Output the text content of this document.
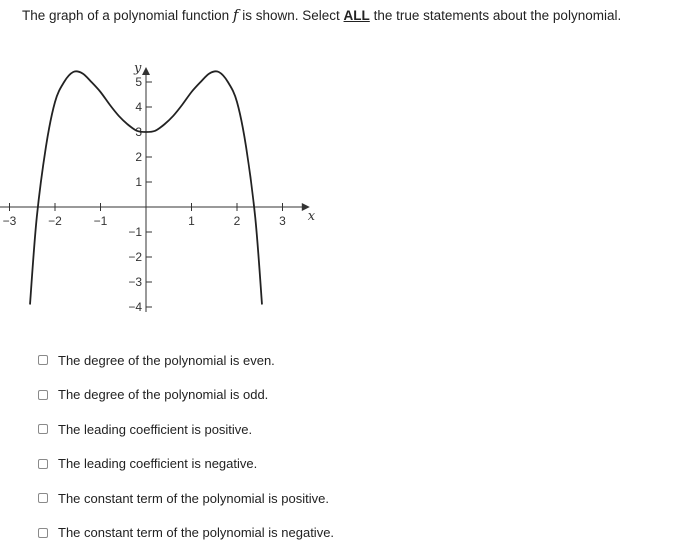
The graph of a polynomial function f is shown. Select ALL the true statements about the polynomial.
−3	−2	−1	1	2	3
−4
−3
−2
−1
1
2
3
4
5
x
y
The degree of the polynomial is even.
The degree of the polynomial is odd.
The leading coefficient is positive.
The leading coefficient is negative.
The constant term of the polynomial is positive.
The constant term of the polynomial is negative.
